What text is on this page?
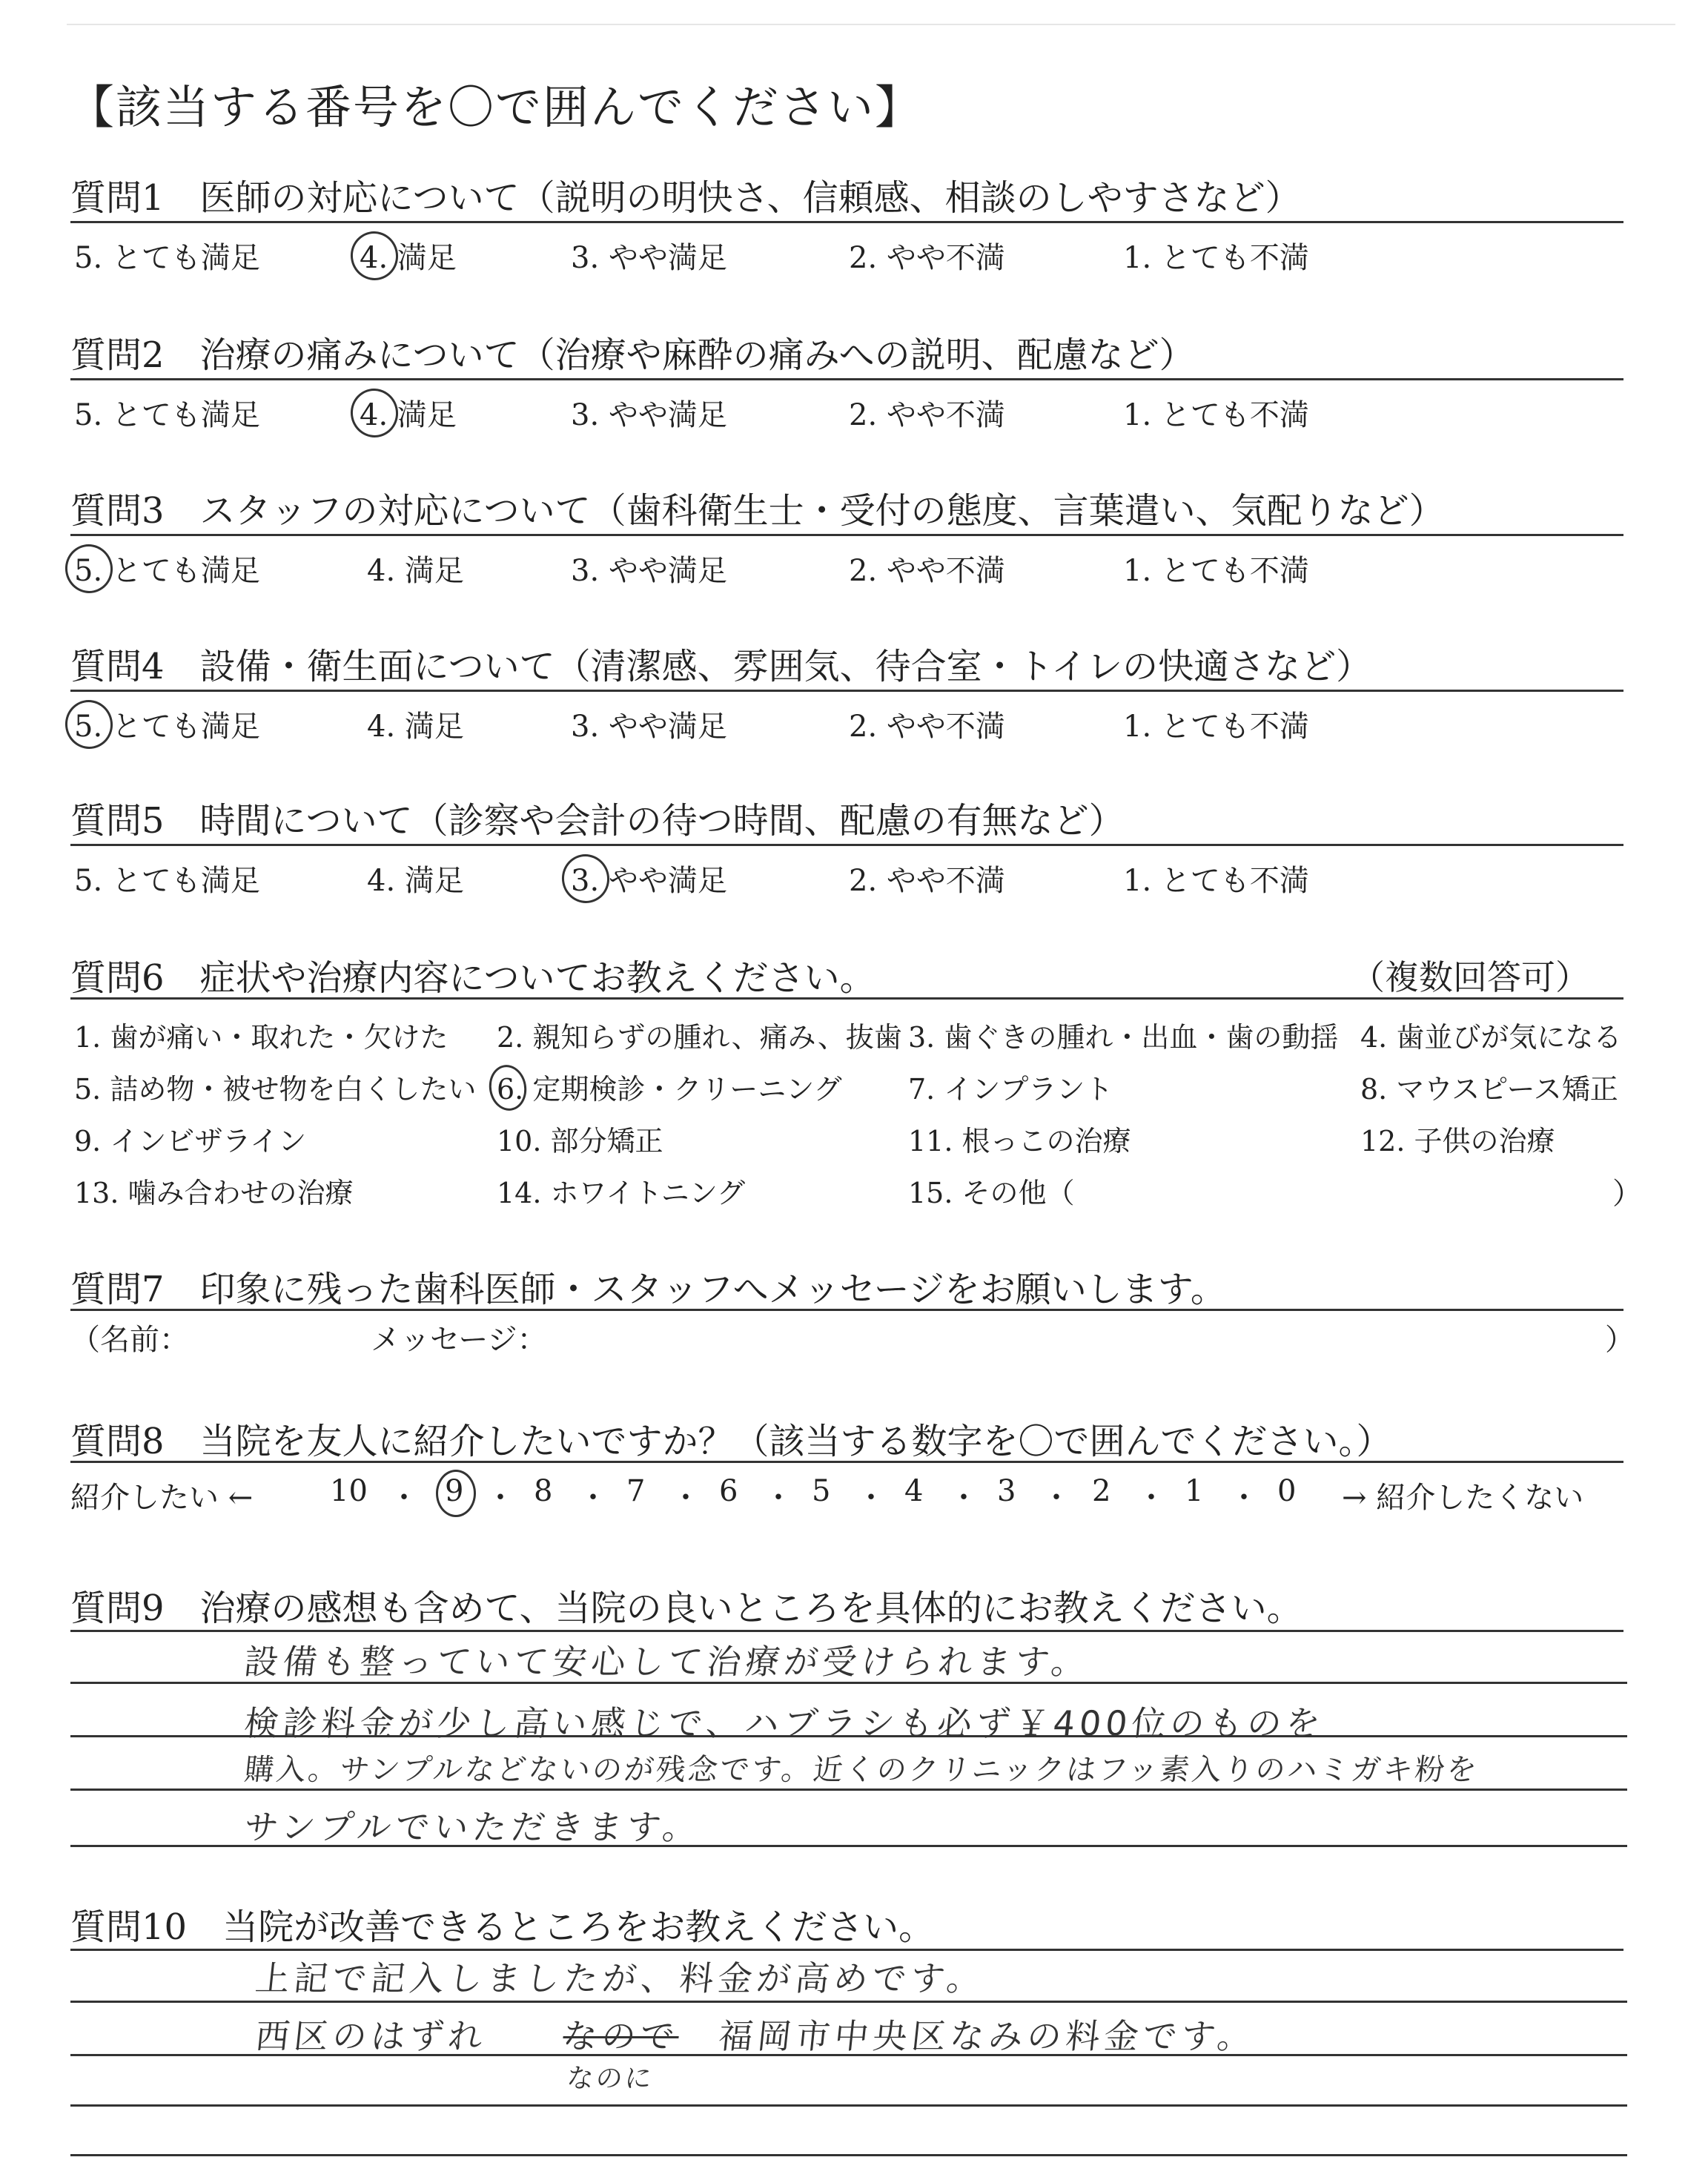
【該当する番号を〇で囲んでください】
質問1　医師の対応について（説明の明快さ、信頼感、相談のしやすさなど）
5. とても満足	4. 満足	3. やや満足	2. やや不満	1. とても不満
質問2　治療の痛みについて（治療や麻酔の痛みへの説明、配慮など）
5. とても満足	4. 満足	3. やや満足	2. やや不満	1. とても不満
質問3　スタッフの対応について（歯科衛生士・受付の態度、言葉遣い、気配りなど）
5. とても満足	4. 満足	3. やや満足	2. やや不満	1. とても不満
質問4　設備・衛生面について（清潔感、雰囲気、待合室・トイレの快適さなど）
5. とても満足	4. 満足	3. やや満足	2. やや不満	1. とても不満
質問5　時間について（診察や会計の待つ時間、配慮の有無など）
5. とても満足	4. 満足	3. やや満足	2. やや不満	1. とても不満
質問6　症状や治療内容についてお教えください。	（複数回答可）
1. 歯が痛い・取れた・欠けた 2. 親知らずの腫れ、痛み、抜歯 3. 歯ぐきの腫れ・出血・歯の動揺 4. 歯並びが気になる
5. 詰め物・被せ物を白くしたい 6. 定期検診・クリーニング 7. インプラント	8. マウスピース矯正
9. インビザライン	10. 部分矯正	11. 根っこの治療	12. 子供の治療
13. 噛み合わせの治療	14. ホワイトニング	15. その他（	）
質問7　印象に残った歯科医師・スタッフへメッセージをお願いします。
（名前：	メッセージ：	）
質問8　当院を友人に紹介したいですか？（該当する数字を〇で囲んでください。）
紹介したい ←	10 ・ 9 ・ 8 ・ 7 ・ 6 ・ 5 ・ 4 ・ 3 ・ 2 ・ 1 ・ 0 → 紹介したくない
質問9　治療の感想も含めて、当院の良いところを具体的にお教えください。
設備も整っていて安心して治療が受けられます。
検診料金が少し高い感じで、ハブラシも必ず￥400位のものを
購入。サンプルなどないのが残念です。近くのクリニックはフッ素入りのハミガキ粉を
サンプルでいただきます。
質問10　当院が改善できるところをお教えください。
上記で記入しましたが、料金が高めです。
西区のはずれ なので 福岡市中央区なみの料金です。
なのに
